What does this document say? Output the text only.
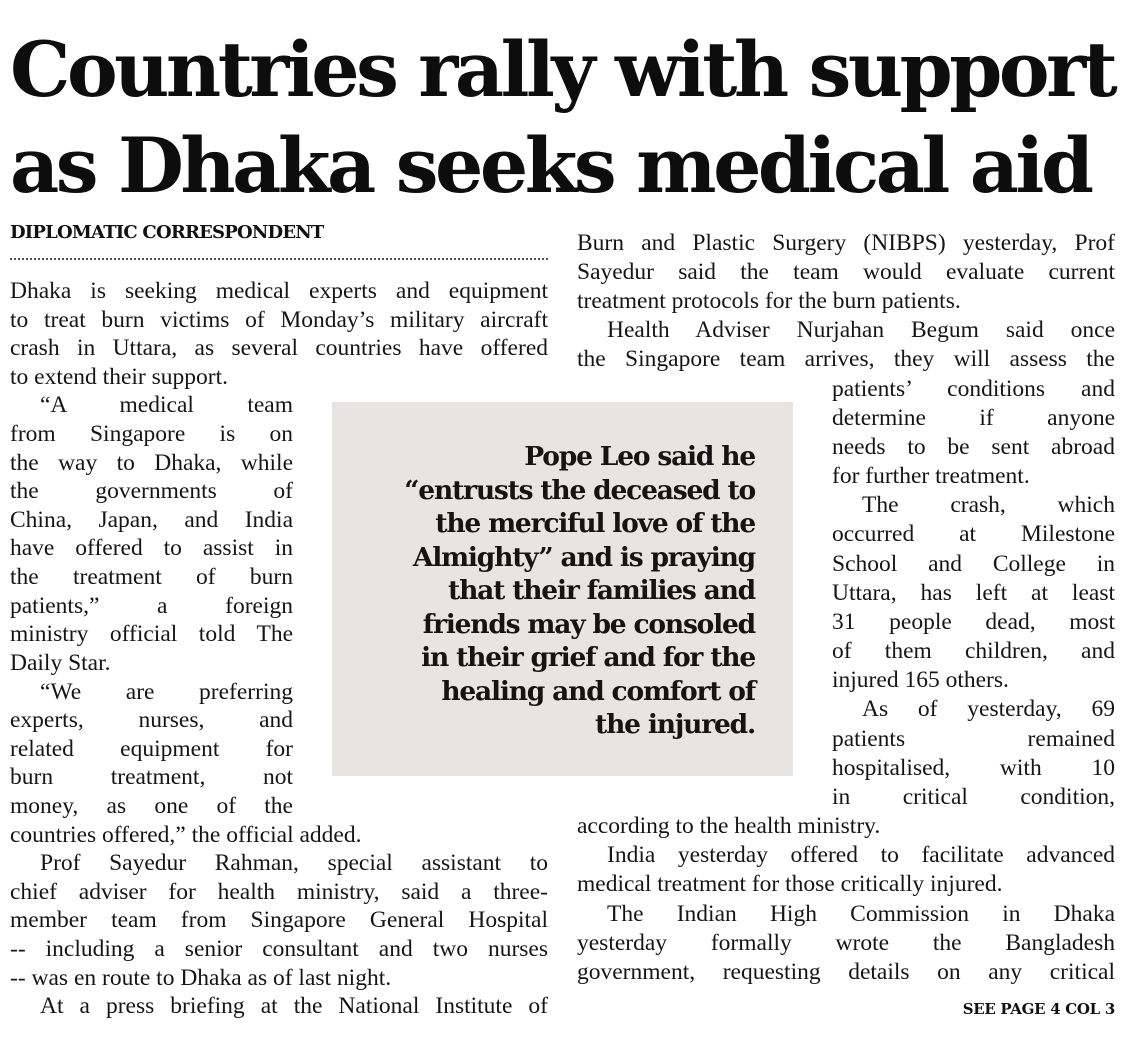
Countries rally with support
as Dhaka seeks medical aid
DIPLOMATIC CORRESPONDENT
Dhaka is seeking medical experts and equipment
to treat burn victims of Monday’s military aircraft
crash in Uttara, as several countries have offered
to extend their support.
“A medical team
from Singapore is on
the way to Dhaka, while
the governments of
China, Japan, and India
have offered to assist in
the treatment of burn
patients,” a foreign
ministry official told The
Daily Star.
“We are preferring
experts, nurses, and
related equipment for
burn treatment, not
money, as one of the
countries offered,” the official added.
Prof Sayedur Rahman, special assistant to
chief adviser for health ministry, said a three-
member team from Singapore General Hospital
-- including a senior consultant and two nurses
-- was en route to Dhaka as of last night.
At a press briefing at the National Institute of
Burn and Plastic Surgery (NIBPS) yesterday, Prof
Sayedur said the team would evaluate current
treatment protocols for the burn patients.
Health Adviser Nurjahan Begum said once
the Singapore team arrives, they will assess the
patients’ conditions and
determine if anyone
needs to be sent abroad
for further treatment.
The crash, which
occurred at Milestone
School and College in
Uttara, has left at least
31 people dead, most
of them children, and
injured 165 others.
As of yesterday, 69
patients remained
hospitalised, with 10
in critical condition,
according to the health ministry.
India yesterday offered to facilitate advanced
medical treatment for those critically injured.
The Indian High Commission in Dhaka
yesterday formally wrote the Bangladesh
government, requesting details on any critical
Pope Leo said he
“entrusts the deceased to
the merciful love of the
Almighty” and is praying
that their families and
friends may be consoled
in their grief and for the
healing and comfort of
the injured.
SEE PAGE 4 COL 3
